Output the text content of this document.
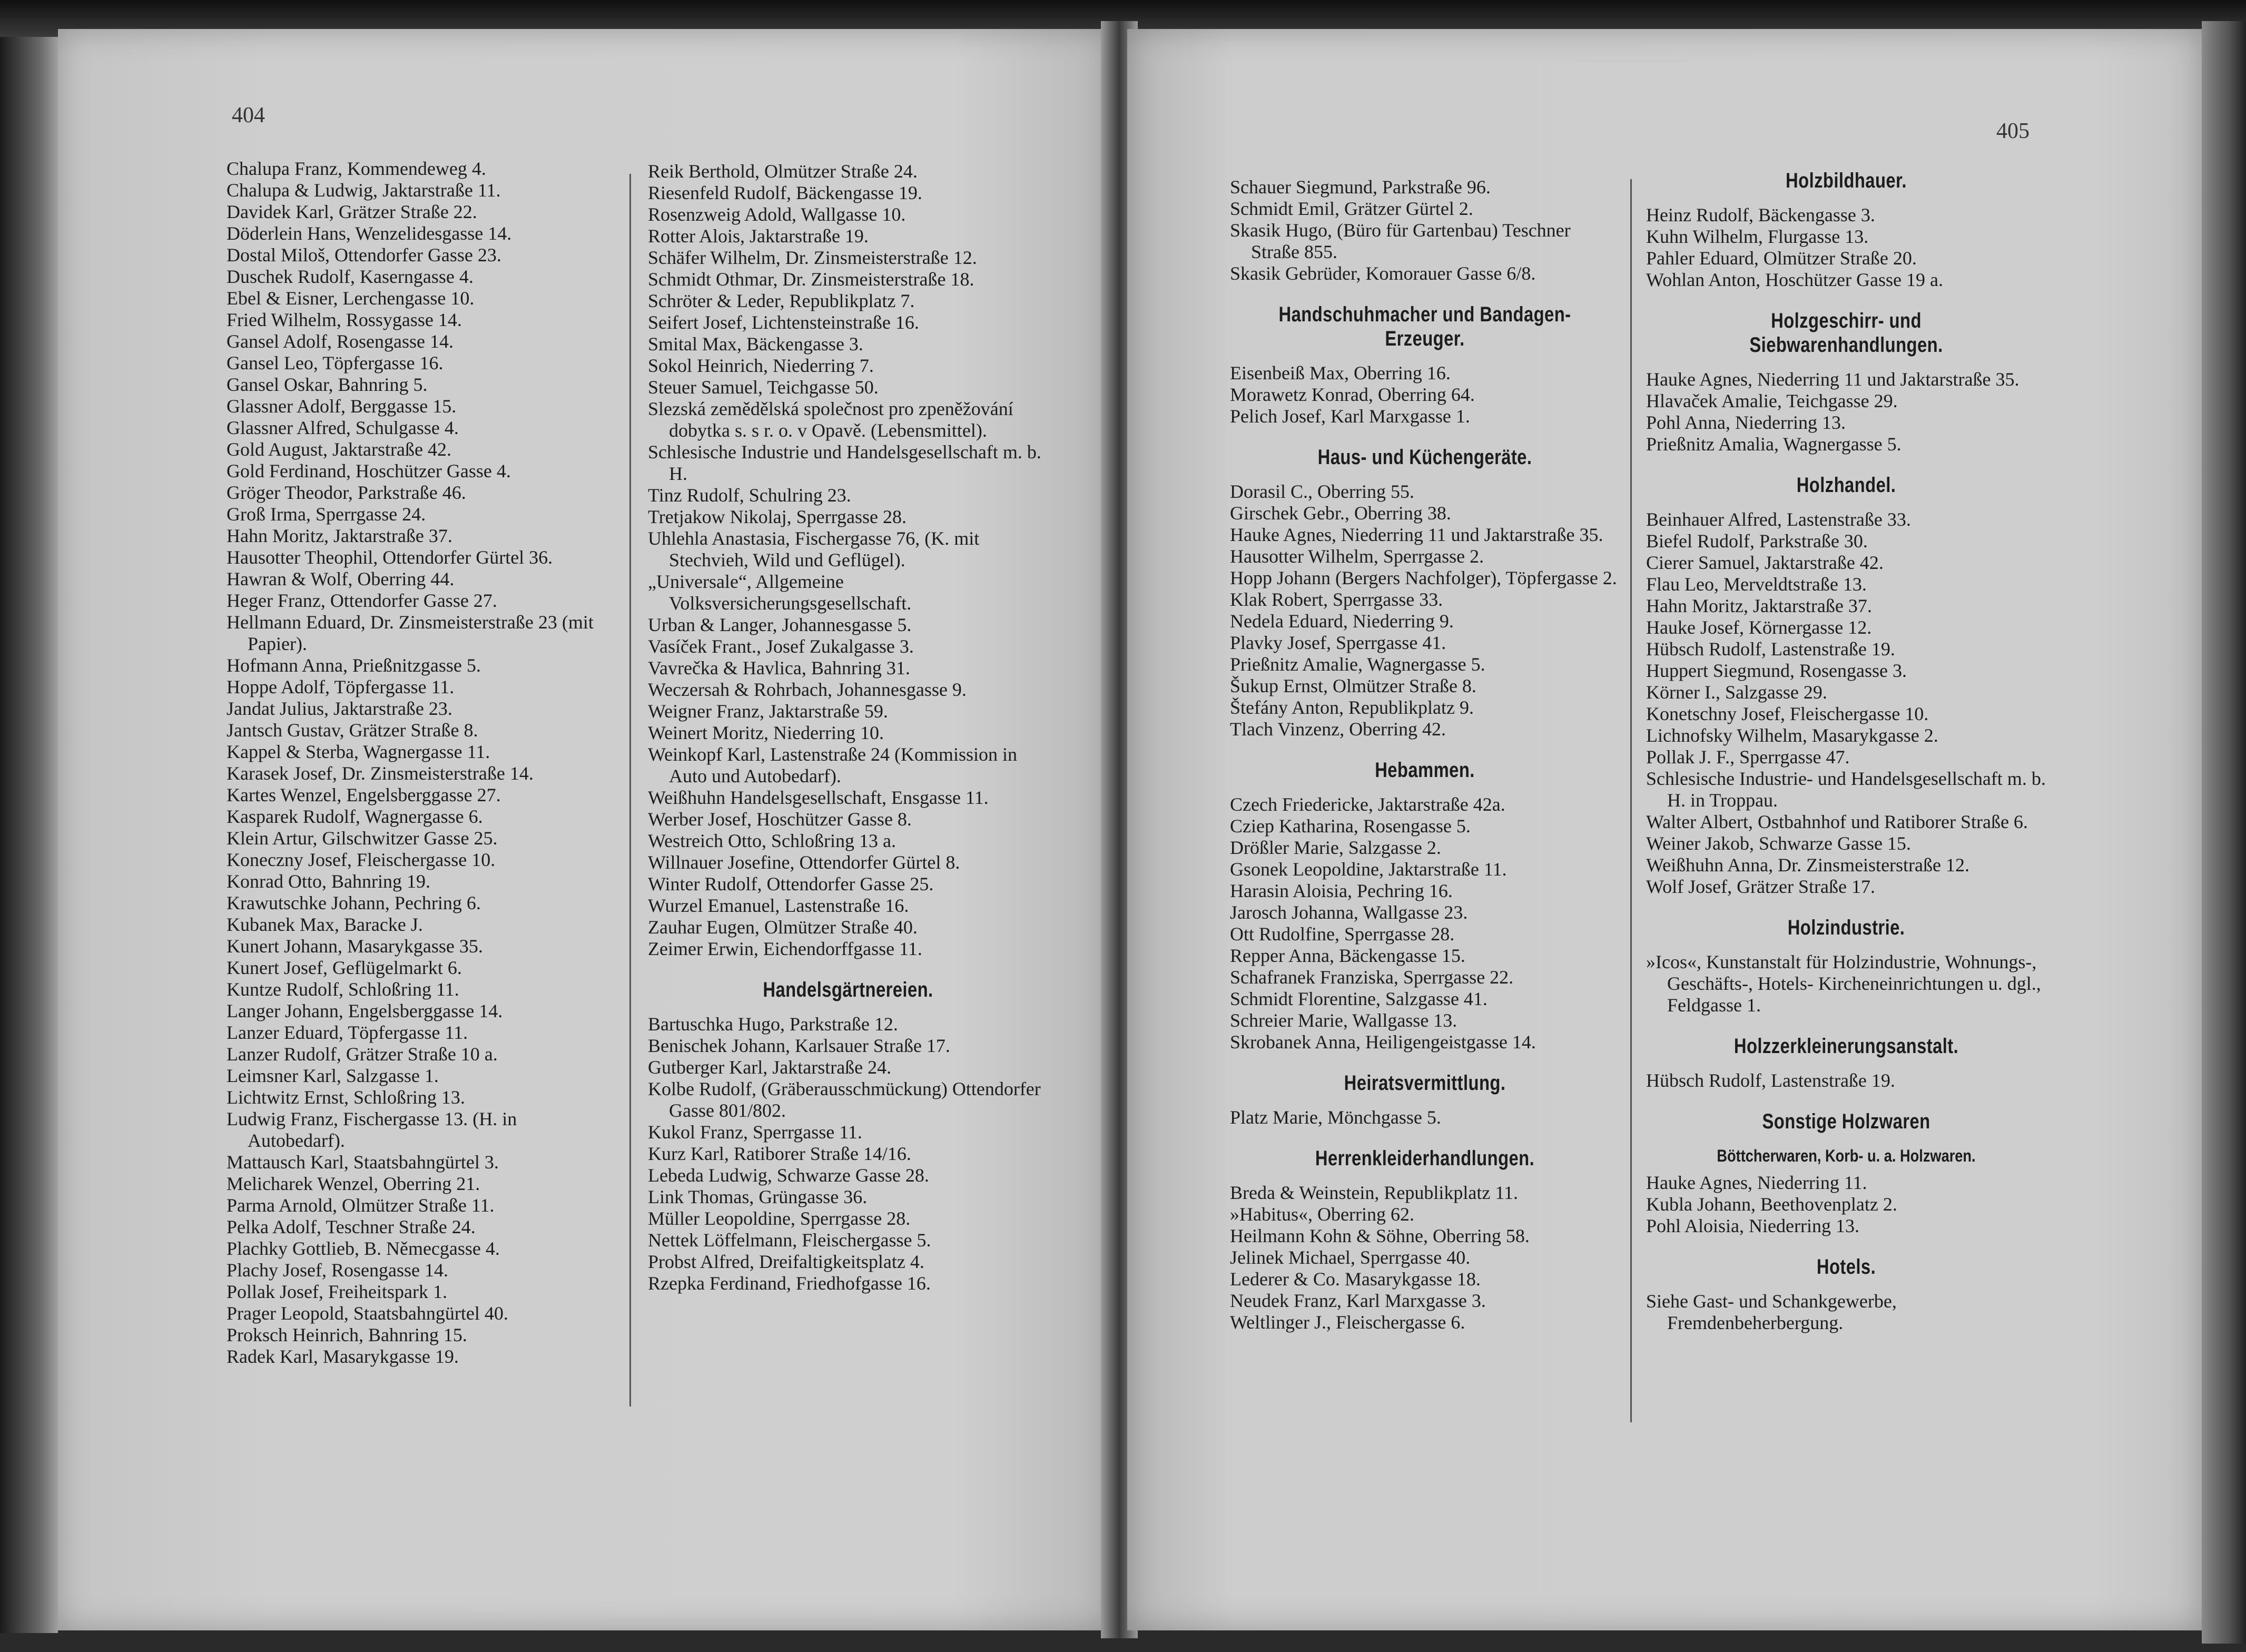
404
Chalupa Franz, Kommendeweg 4.
Chalupa & Ludwig, Jaktarstraße 11.
Davidek Karl, Grätzer Straße 22.
Döderlein Hans, Wenzelidesgasse 14.
Dostal Miloš, Ottendorfer Gasse 23.
Duschek Rudolf, Kaserngasse 4.
Ebel & Eisner, Lerchengasse 10.
Fried Wilhelm, Rossygasse 14.
Gansel Adolf, Rosengasse 14.
Gansel Leo, Töpfergasse 16.
Gansel Oskar, Bahnring 5.
Glassner Adolf, Berggasse 15.
Glassner Alfred, Schulgasse 4.
Gold August, Jaktarstraße 42.
Gold Ferdinand, Hoschützer Gasse 4.
Gröger Theodor, Parkstraße 46.
Groß Irma, Sperrgasse 24.
Hahn Moritz, Jaktarstraße 37.
Hausotter Theophil, Ottendorfer Gürtel 36.
Hawran & Wolf, Oberring 44.
Heger Franz, Ottendorfer Gasse 27.
Hellmann Eduard, Dr. Zinsmeisterstraße 23 (mit Papier).
Hofmann Anna, Prießnitzgasse 5.
Hoppe Adolf, Töpfergasse 11.
Jandat Julius, Jaktarstraße 23.
Jantsch Gustav, Grätzer Straße 8.
Kappel & Sterba, Wagnergasse 11.
Karasek Josef, Dr. Zinsmeisterstraße 14.
Kartes Wenzel, Engelsberggasse 27.
Kasparek Rudolf, Wagnergasse 6.
Klein Artur, Gilschwitzer Gasse 25.
Koneczny Josef, Fleischergasse 10.
Konrad Otto, Bahnring 19.
Krawutschke Johann, Pechring 6.
Kubanek Max, Baracke J.
Kunert Johann, Masarykgasse 35.
Kunert Josef, Geflügelmarkt 6.
Kuntze Rudolf, Schloßring 11.
Langer Johann, Engelsberggasse 14.
Lanzer Eduard, Töpfergasse 11.
Lanzer Rudolf, Grätzer Straße 10 a.
Leimsner Karl, Salzgasse 1.
Lichtwitz Ernst, Schloßring 13.
Ludwig Franz, Fischergasse 13. (H. in Autobedarf).
Mattausch Karl, Staatsbahngürtel 3.
Melicharek Wenzel, Oberring 21.
Parma Arnold, Olmützer Straße 11.
Pelka Adolf, Teschner Straße 24.
Plachky Gottlieb, B. Němecgasse 4.
Plachy Josef, Rosengasse 14.
Pollak Josef, Freiheitspark 1.
Prager Leopold, Staatsbahngürtel 40.
Proksch Heinrich, Bahnring 15.
Radek Karl, Masarykgasse 19.
Reik Berthold, Olmützer Straße 24.
Riesenfeld Rudolf, Bäckengasse 19.
Rosenzweig Adold, Wallgasse 10.
Rotter Alois, Jaktarstraße 19.
Schäfer Wilhelm, Dr. Zinsmeisterstraße 12.
Schmidt Othmar, Dr. Zinsmeisterstraße 18.
Schröter & Leder, Republikplatz 7.
Seifert Josef, Lichtensteinstraße 16.
Smital Max, Bäckengasse 3.
Sokol Heinrich, Niederring 7.
Steuer Samuel, Teichgasse 50.
Slezská zemědělská společnost pro zpeněžování dobytka s. s r. o. v Opavě. (Lebensmittel).
Schlesische Industrie und Handelsgesellschaft m. b. H.
Tinz Rudolf, Schulring 23.
Tretjakow Nikolaj, Sperrgasse 28.
Uhlehla Anastasia, Fischergasse 76, (K. mit Stechvieh, Wild und Geflügel).
„Universale“, Allgemeine Volksversicherungsgesellschaft.
Urban & Langer, Johannesgasse 5.
Vasíček Frant., Josef Zukalgasse 3.
Vavrečka & Havlica, Bahnring 31.
Weczersah & Rohrbach, Johannesgasse 9.
Weigner Franz, Jaktarstraße 59.
Weinert Moritz, Niederring 10.
Weinkopf Karl, Lastenstraße 24 (Kommission in Auto und Autobedarf).
Weißhuhn Handelsgesellschaft, Ensgasse 11.
Werber Josef, Hoschützer Gasse 8.
Westreich Otto, Schloßring 13 a.
Willnauer Josefine, Ottendorfer Gürtel 8.
Winter Rudolf, Ottendorfer Gasse 25.
Wurzel Emanuel, Lastenstraße 16.
Zauhar Eugen, Olmützer Straße 40.
Zeimer Erwin, Eichendorffgasse 11.
Handelsgärtnereien.
Bartuschka Hugo, Parkstraße 12.
Benischek Johann, Karlsauer Straße 17.
Gutberger Karl, Jaktarstraße 24.
Kolbe Rudolf, (Gräberausschmückung) Ottendorfer Gasse 801/802.
Kukol Franz, Sperrgasse 11.
Kurz Karl, Ratiborer Straße 14/16.
Lebeda Ludwig, Schwarze Gasse 28.
Link Thomas, Grüngasse 36.
Müller Leopoldine, Sperrgasse 28.
Nettek Löffelmann, Fleischergasse 5.
Probst Alfred, Dreifaltigkeitsplatz 4.
Rzepka Ferdinand, Friedhofgasse 16.
405
Schauer Siegmund, Parkstraße 96.
Schmidt Emil, Grätzer Gürtel 2.
Skasik Hugo, (Büro für Gartenbau) Teschner Straße 855.
Skasik Gebrüder, Komorauer Gasse 6/8.
Handschuhmacher und Bandagen-Erzeuger.
Eisenbeiß Max, Oberring 16.
Morawetz Konrad, Oberring 64.
Pelich Josef, Karl Marxgasse 1.
Haus- und Küchengeräte.
Dorasil C., Oberring 55.
Girschek Gebr., Oberring 38.
Hauke Agnes, Niederring 11 und Jaktarstraße 35.
Hausotter Wilhelm, Sperrgasse 2.
Hopp Johann (Bergers Nachfolger), Töpfergasse 2.
Klak Robert, Sperrgasse 33.
Nedela Eduard, Niederring 9.
Plavky Josef, Sperrgasse 41.
Prießnitz Amalie, Wagnergasse 5.
Šukup Ernst, Olmützer Straße 8.
Štefány Anton, Republikplatz 9.
Tlach Vinzenz, Oberring 42.
Hebammen.
Czech Friedericke, Jaktarstraße 42a.
Cziep Katharina, Rosengasse 5.
Drößler Marie, Salzgasse 2.
Gsonek Leopoldine, Jaktarstraße 11.
Harasin Aloisia, Pechring 16.
Jarosch Johanna, Wallgasse 23.
Ott Rudolfine, Sperrgasse 28.
Repper Anna, Bäckengasse 15.
Schafranek Franziska, Sperrgasse 22.
Schmidt Florentine, Salzgasse 41.
Schreier Marie, Wallgasse 13.
Skrobanek Anna, Heiligengeistgasse 14.
Heiratsvermittlung.
Platz Marie, Mönchgasse 5.
Herrenkleiderhandlungen.
Breda & Weinstein, Republikplatz 11.
»Habitus«, Oberring 62.
Heilmann Kohn & Söhne, Oberring 58.
Jelinek Michael, Sperrgasse 40.
Lederer & Co. Masarykgasse 18.
Neudek Franz, Karl Marxgasse 3.
Weltlinger J., Fleischergasse 6.
Holzbildhauer.
Heinz Rudolf, Bäckengasse 3.
Kuhn Wilhelm, Flurgasse 13.
Pahler Eduard, Olmützer Straße 20.
Wohlan Anton, Hoschützer Gasse 19 a.
Holzgeschirr- und Siebwarenhandlungen.
Hauke Agnes, Niederring 11 und Jaktarstraße 35.
Hlavaček Amalie, Teichgasse 29.
Pohl Anna, Niederring 13.
Prießnitz Amalia, Wagnergasse 5.
Holzhandel.
Beinhauer Alfred, Lastenstraße 33.
Biefel Rudolf, Parkstraße 30.
Cierer Samuel, Jaktarstraße 42.
Flau Leo, Merveldtstraße 13.
Hahn Moritz, Jaktarstraße 37.
Hauke Josef, Körnergasse 12.
Hübsch Rudolf, Lastenstraße 19.
Huppert Siegmund, Rosengasse 3.
Körner I., Salzgasse 29.
Konetschny Josef, Fleischergasse 10.
Lichnofsky Wilhelm, Masarykgasse 2.
Pollak J. F., Sperrgasse 47.
Schlesische Industrie- und Handelsgesellschaft m. b. H. in Troppau.
Walter Albert, Ostbahnhof und Ratiborer Straße 6.
Weiner Jakob, Schwarze Gasse 15.
Weißhuhn Anna, Dr. Zinsmeisterstraße 12.
Wolf Josef, Grätzer Straße 17.
Holzindustrie.
»Icos«, Kunstanstalt für Holzindustrie, Wohnungs-, Geschäfts-, Hotels- Kircheneinrichtungen u. dgl., Feldgasse 1.
Holzzerkleinerungsanstalt.
Hübsch Rudolf, Lastenstraße 19.
Sonstige Holzwaren
Böttcherwaren, Korb- u. a. Holzwaren.
Hauke Agnes, Niederring 11.
Kubla Johann, Beethovenplatz 2.
Pohl Aloisia, Niederring 13.
Hotels.
Siehe Gast- und Schankgewerbe, Fremdenbeherbergung.
